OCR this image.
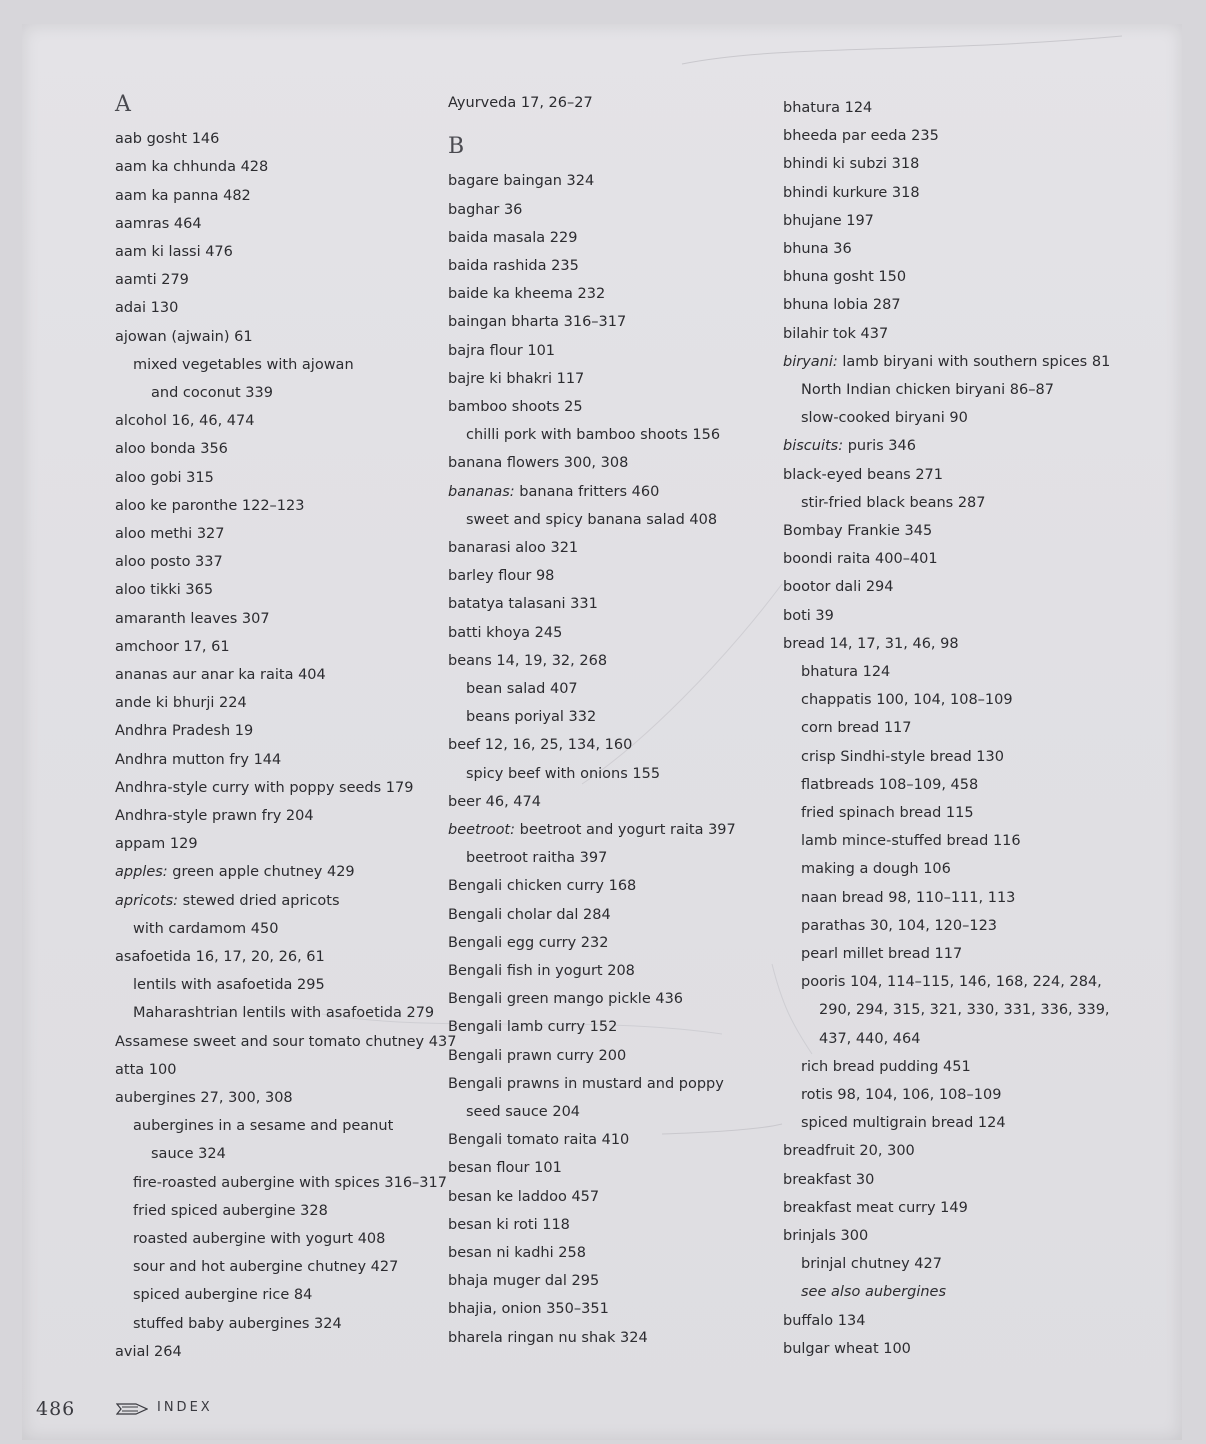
A
aab gosht 146
aam ka chhunda 428
aam ka panna 482
aamras 464
aam ki lassi 476
aamti 279
adai 130
ajowan (ajwain) 61
mixed vegetables with ajowan
and coconut 339
alcohol 16, 46, 474
aloo bonda 356
aloo gobi 315
aloo ke paronthe 122–123
aloo methi 327
aloo posto 337
aloo tikki 365
amaranth leaves 307
amchoor 17, 61
ananas aur anar ka raita 404
ande ki bhurji 224
Andhra Pradesh 19
Andhra mutton fry 144
Andhra-style curry with poppy seeds 179
Andhra-style prawn fry 204
appam 129
apples: green apple chutney 429
apricots: stewed dried apricots
with cardamom 450
asafoetida 16, 17, 20, 26, 61
lentils with asafoetida 295
Maharashtrian lentils with asafoetida 279
Assamese sweet and sour tomato chutney 437
atta 100
aubergines 27, 300, 308
aubergines in a sesame and peanut
sauce 324
fire-roasted aubergine with spices 316–317
fried spiced aubergine 328
roasted aubergine with yogurt 408
sour and hot aubergine chutney 427
spiced aubergine rice 84
stuffed baby aubergines 324
avial 264
Ayurveda 17, 26–27
B
bagare baingan 324
baghar 36
baida masala 229
baida rashida 235
baide ka kheema 232
baingan bharta 316–317
bajra flour 101
bajre ki bhakri 117
bamboo shoots 25
chilli pork with bamboo shoots 156
banana flowers 300, 308
bananas: banana fritters 460
sweet and spicy banana salad 408
banarasi aloo 321
barley flour 98
batatya talasani 331
batti khoya 245
beans 14, 19, 32, 268
bean salad 407
beans poriyal 332
beef 12, 16, 25, 134, 160
spicy beef with onions 155
beer 46, 474
beetroot: beetroot and yogurt raita 397
beetroot raitha 397
Bengali chicken curry 168
Bengali cholar dal 284
Bengali egg curry 232
Bengali fish in yogurt 208
Bengali green mango pickle 436
Bengali lamb curry 152
Bengali prawn curry 200
Bengali prawns in mustard and poppy
seed sauce 204
Bengali tomato raita 410
besan flour 101
besan ke laddoo 457
besan ki roti 118
besan ni kadhi 258
bhaja muger dal 295
bhajia, onion 350–351
bharela ringan nu shak 324
bhatura 124
bheeda par eeda 235
bhindi ki subzi 318
bhindi kurkure 318
bhujane 197
bhuna 36
bhuna gosht 150
bhuna lobia 287
bilahir tok 437
biryani: lamb biryani with southern spices 81
North Indian chicken biryani 86–87
slow-cooked biryani 90
biscuits: puris 346
black-eyed beans 271
stir-fried black beans 287
Bombay Frankie 345
boondi raita 400–401
bootor dali 294
boti 39
bread 14, 17, 31, 46, 98
bhatura 124
chappatis 100, 104, 108–109
corn bread 117
crisp Sindhi-style bread 130
flatbreads 108–109, 458
fried spinach bread 115
lamb mince-stuffed bread 116
making a dough 106
naan bread 98, 110–111, 113
parathas 30, 104, 120–123
pearl millet bread 117
pooris 104, 114–115, 146, 168, 224, 284,
290, 294, 315, 321, 330, 331, 336, 339,
437, 440, 464
rich bread pudding 451
rotis 98, 104, 106, 108–109
spiced multigrain bread 124
breadfruit 20, 300
breakfast 30
breakfast meat curry 149
brinjals 300
brinjal chutney 427
see also aubergines
buffalo 134
bulgar wheat 100
486	INDEX
